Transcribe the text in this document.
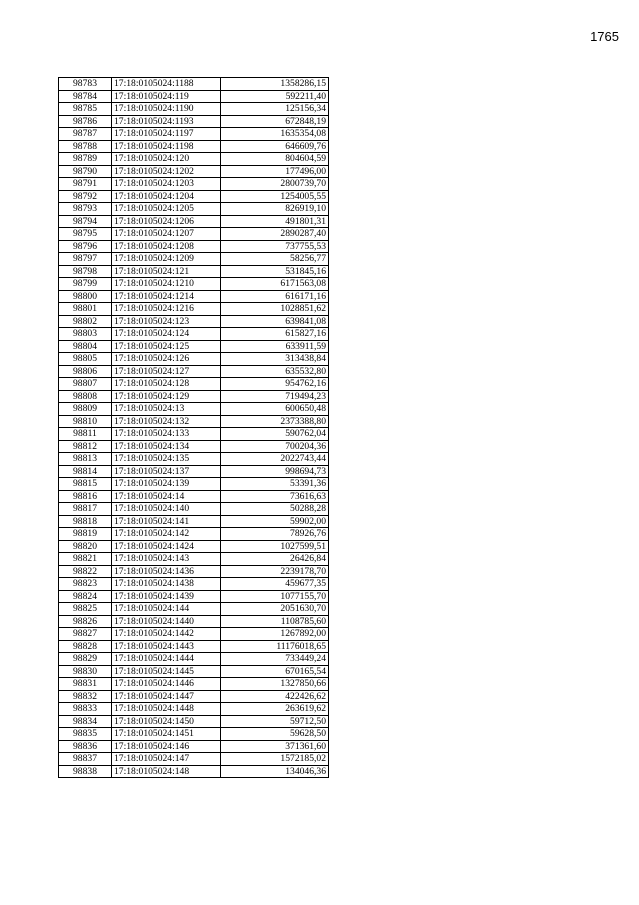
1765
98783	17:18:0105024:1188	1358286,15
98784	17:18:0105024:119	592211,40
98785	17:18:0105024:1190	125156,34
98786	17:18:0105024:1193	672848,19
98787	17:18:0105024:1197	1635354,08
98788	17:18:0105024:1198	646609,76
98789	17:18:0105024:120	804604,59
98790	17:18:0105024:1202	177496,00
98791	17:18:0105024:1203	2800739,70
98792	17:18:0105024:1204	1254005,55
98793	17:18:0105024:1205	826919,10
98794	17:18:0105024:1206	491801,31
98795	17:18:0105024:1207	2890287,40
98796	17:18:0105024:1208	737755,53
98797	17:18:0105024:1209	58256,77
98798	17:18:0105024:121	531845,16
98799	17:18:0105024:1210	6171563,08
98800	17:18:0105024:1214	616171,16
98801	17:18:0105024:1216	1028851,62
98802	17:18:0105024:123	639841,08
98803	17:18:0105024:124	615827,16
98804	17:18:0105024:125	633911,59
98805	17:18:0105024:126	313438,84
98806	17:18:0105024:127	635532,80
98807	17:18:0105024:128	954762,16
98808	17:18:0105024:129	719494,23
98809	17:18:0105024:13	600650,48
98810	17:18:0105024:132	2373388,80
98811	17:18:0105024:133	590762,04
98812	17:18:0105024:134	700204,36
98813	17:18:0105024:135	2022743,44
98814	17:18:0105024:137	998694,73
98815	17:18:0105024:139	53391,36
98816	17:18:0105024:14	73616,63
98817	17:18:0105024:140	50288,28
98818	17:18:0105024:141	59902,00
98819	17:18:0105024:142	78926,76
98820	17:18:0105024:1424	1027599,51
98821	17:18:0105024:143	26426,84
98822	17:18:0105024:1436	2239178,70
98823	17:18:0105024:1438	459677,35
98824	17:18:0105024:1439	1077155,70
98825	17:18:0105024:144	2051630,70
98826	17:18:0105024:1440	1108785,60
98827	17:18:0105024:1442	1267892,00
98828	17:18:0105024:1443	11176018,65
98829	17:18:0105024:1444	733449,24
98830	17:18:0105024:1445	670165,54
98831	17:18:0105024:1446	1327850,66
98832	17:18:0105024:1447	422426,62
98833	17:18:0105024:1448	263619,62
98834	17:18:0105024:1450	59712,50
98835	17:18:0105024:1451	59628,50
98836	17:18:0105024:146	371361,60
98837	17:18:0105024:147	1572185,02
98838	17:18:0105024:148	134046,36
